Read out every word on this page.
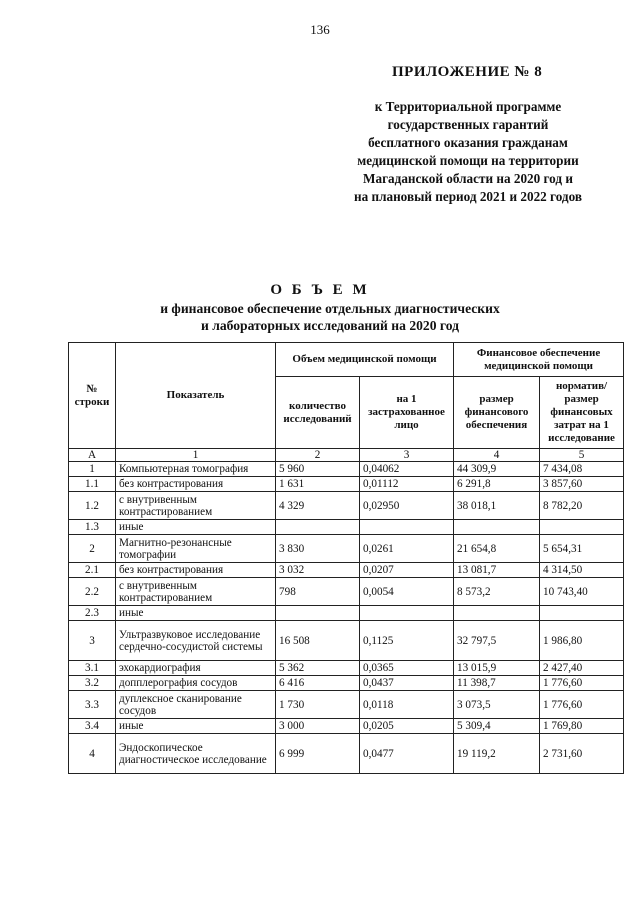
136
ПРИЛОЖЕНИЕ № 8
к Территориальной программе
государственных гарантий
бесплатного оказания гражданам
медицинской помощи на территории
Магаданской области на 2020 год и
на плановый период 2021 и 2022 годов
О Б Ъ Е М
и финансовое обеспечение отдельных диагностических
и лабораторных исследований на 2020 год
№ строки	Показатель	Объем медицинской помощи		Финансовое обеспечение медицинской помощи	
		количество исследований	на 1 застрахованное лицо	размер финансового обеспечения	норматив/размер финансовых затрат на 1 исследование
А	1	2	3	4	5
1	Компьютерная томография	5 960	0,04062	44 309,9	7 434,08
1.1	без контрастирования	1 631	0,01112	6 291,8	3 857,60
1.2	с внутривенным контрастированием	4 329	0,02950	38 018,1	8 782,20
1.3	иные				
2	Магнитно-резонансные томографии	3 830	0,0261	21 654,8	5 654,31
2.1	без контрастирования	3 032	0,0207	13 081,7	4 314,50
2.2	с внутривенным контрастированием	798	0,0054	8 573,2	10 743,40
2.3	иные				
3	Ультразвуковое исследование сердечно-сосудистой системы	16 508	0,1125	32 797,5	1 986,80
3.1	эхокардиография	5 362	0,0365	13 015,9	2 427,40
3.2	допплерография сосудов	6 416	0,0437	11 398,7	1 776,60
3.3	дуплексное сканирование сосудов	1 730	0,0118	3 073,5	1 776,60
3.4	иные	3 000	0,0205	5 309,4	1 769,80
4	Эндоскопическое диагностическое исследование	6 999	0,0477	19 119,2	2 731,60
